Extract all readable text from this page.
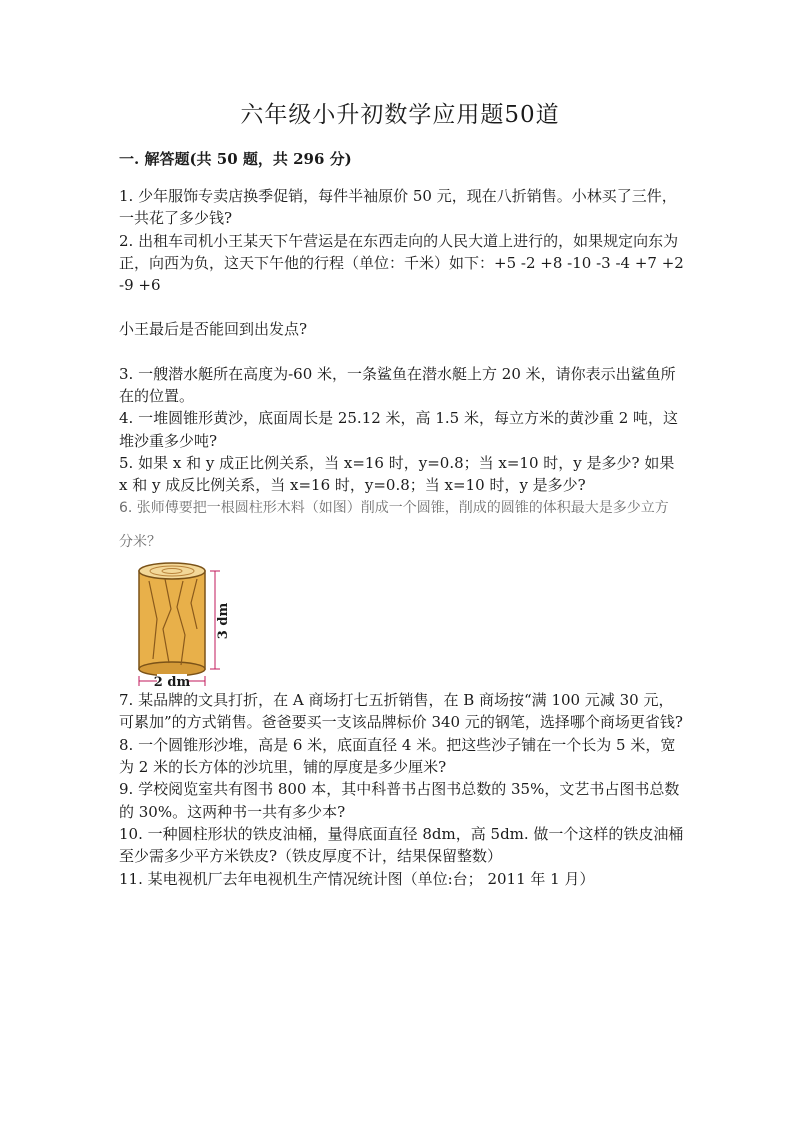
六年级小升初数学应用题50道
一. 解答题(共 50 题，共 296 分)

1. 少年服饰专卖店换季促销，每件半袖原价 50 元，现在八折销售。小林买了三件，一共花了多少钱?

2. 出租车司机小王某天下午营运是在东西走向的人民大道上进行的，如果规定向东为正，向西为负，这天下午他的行程（单位：千米）如下：+5 -2 +8 -10 -3 -4 +7 +2 -9 +6

小王最后是否能回到出发点?

3. 一艘潜水艇所在高度为-60 米，一条鲨鱼在潜水艇上方 20 米，请你表示出鲨鱼所在的位置。

4. 一堆圆锥形黄沙，底面周长是 25.12 米，高 1.5 米，每立方米的黄沙重 2 吨，这堆沙重多少吨?

5. 如果 x 和 y 成正比例关系，当 x=16 时，y=0.8；当 x=10 时，y 是多少? 如果 x 和 y 成反比例关系，当 x=16 时，y=0.8；当 x=10 时，y 是多少?

6. 张师傅要把一根圆柱形木料（如图）削成一个圆锥，削成的圆锥的体积最大是多少立方

分米？

3 dm
2 dm

7. 某品牌的文具打折，在 A 商场打七五折销售，在 B 商场按“满 100 元减 30 元，可累加”的方式销售。爸爸要买一支该品牌标价 340 元的钢笔，选择哪个商场更省钱?

8. 一个圆锥形沙堆，高是 6 米，底面直径 4 米。把这些沙子铺在一个长为 5 米，宽为 2 米的长方体的沙坑里，铺的厚度是多少厘米?

9. 学校阅览室共有图书 800 本，其中科普书占图书总数的 35%，文艺书占图书总数的 30%。这两种书一共有多少本?

10. 一种圆柱形状的铁皮油桶，量得底面直径 8dm，高 5dm. 做一个这样的铁皮油桶至少需多少平方米铁皮?（铁皮厚度不计，结果保留整数）

11. 某电视机厂去年电视机生产情况统计图（单位:台； 2011 年 1 月）
